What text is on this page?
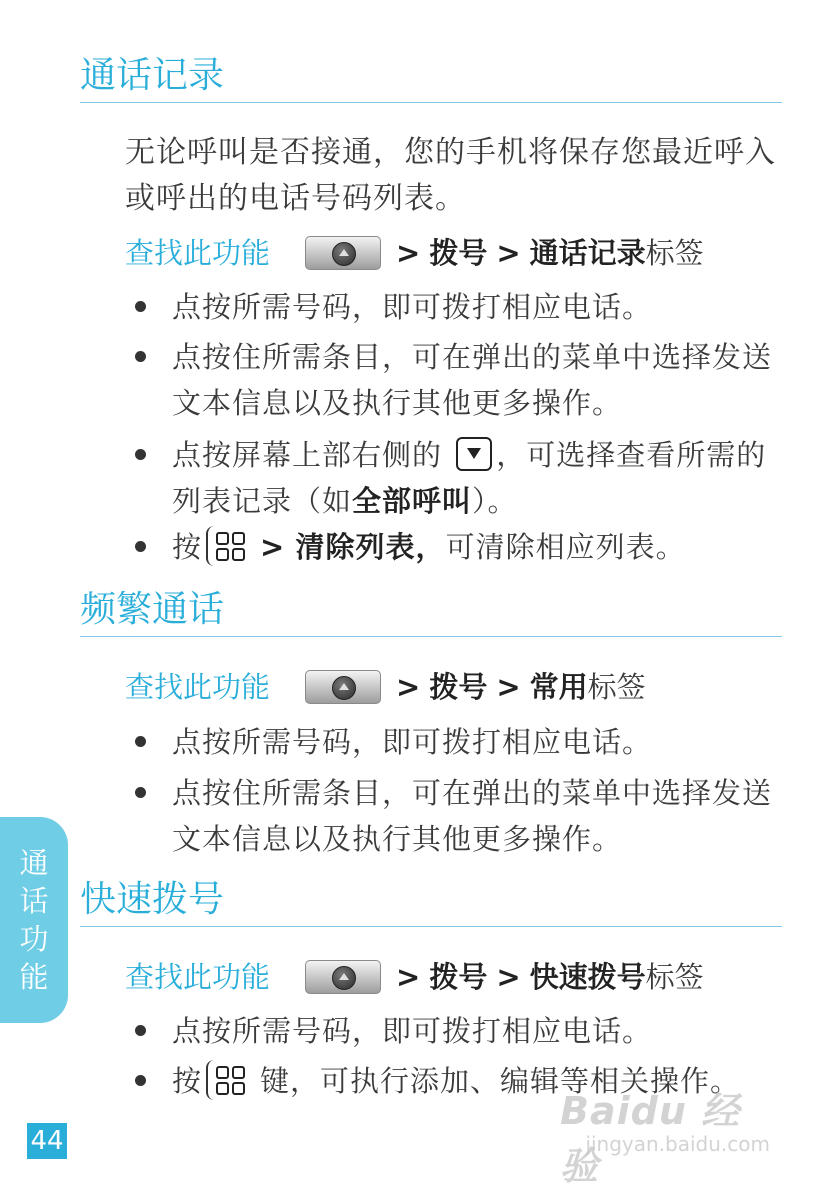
通话记录
无论呼叫是否接通，您的手机将保存您最近呼入或呼出的电话号码列表。
查找此功能	> 拨号 > 通话记录 标签
点按所需号码，即可拨打相应电话。
点按住所需条目，可在弹出的菜单中选择发送文本信息以及执行其他更多操作。
点按屏幕上部右侧的 ，可选择查看所需的列表记录（如全部呼叫）。
按 > 清除列表，可清除相应列表。
频繁通话
查找此功能	> 拨号 > 常用 标签
点按所需号码，即可拨打相应电话。
点按住所需条目，可在弹出的菜单中选择发送文本信息以及执行其他更多操作。
快速拨号
查找此功能	> 拨号 > 快速拨号 标签
点按所需号码，即可拨打相应电话。
按 键，可执行添加、编辑等相关操作。
通
话
功
能
44
Baidu 经验
jingyan.baidu.com
